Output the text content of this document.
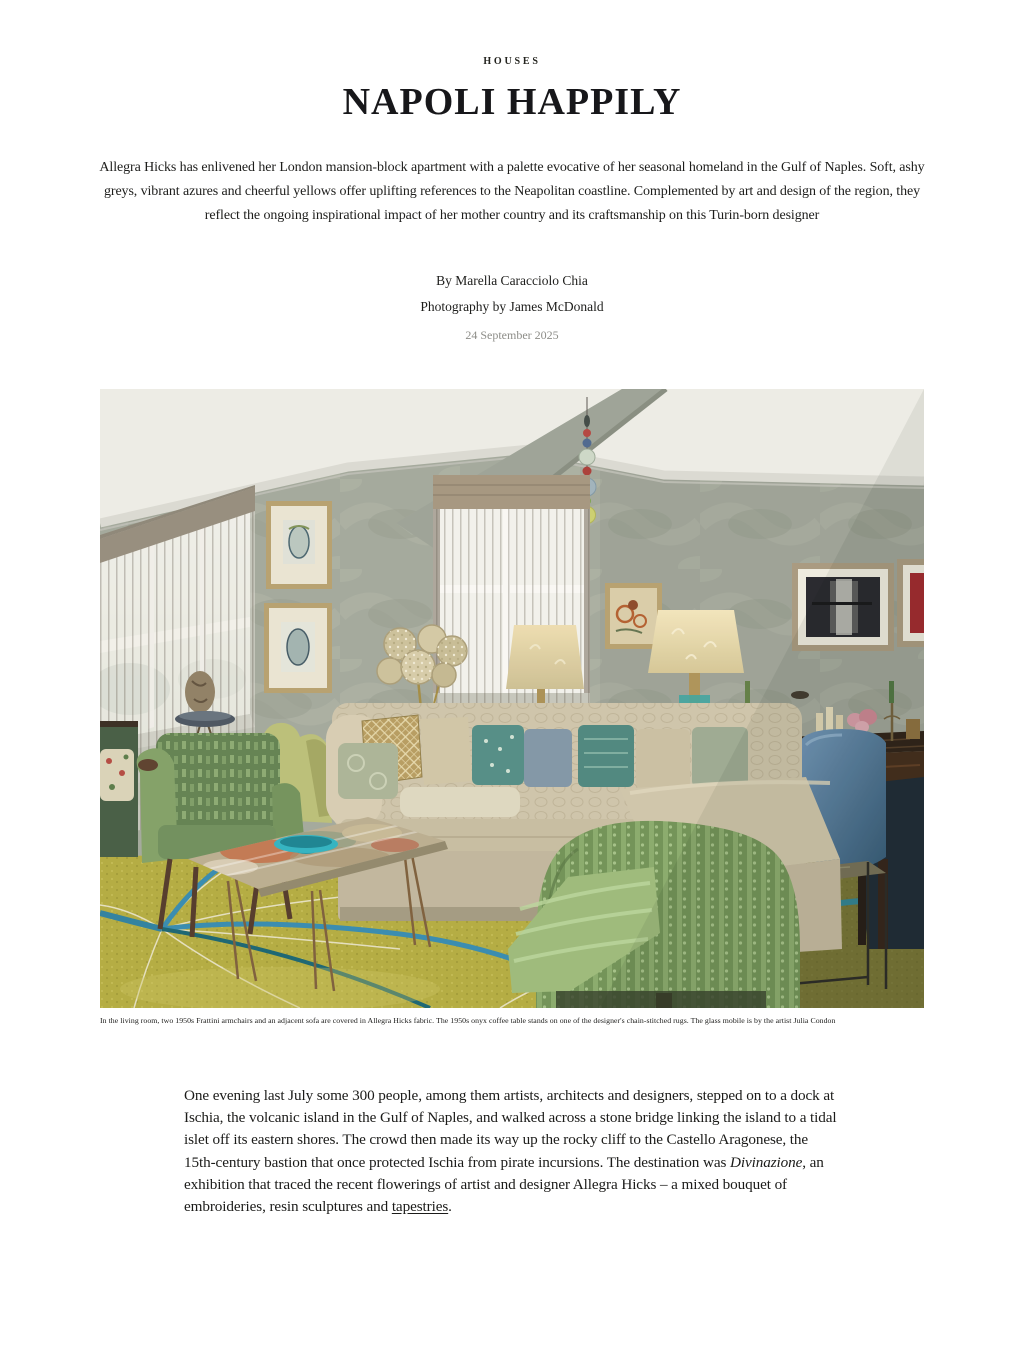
HOUSES
NAPOLI HAPPILY

Allegra Hicks has enlivened her London mansion-block apartment with a palette evocative of her seasonal homeland in the Gulf of Naples. Soft, ashy greys, vibrant azures and cheerful yellows offer uplifting references to the Neapolitan coastline. Complemented by art and design of the region, they reflect the ongoing inspirational impact of her mother country and its craftsmanship on this Turin-born designer

By Marella Caracciolo Chia
Photography by James McDonald
24 September 2025
In the living room, two 1950s Frattini armchairs and an adjacent sofa are covered in Allegra Hicks fabric. The 1950s onyx coffee table stands on one of the designer's chain-stitched rugs. The glass mobile is by the artist Julia Condon

One evening last July some 300 people, among them artists, architects and designers, stepped on to a dock at Ischia, the volcanic island in the Gulf of Naples, and walked across a stone bridge linking the island to a tidal islet off its eastern shores. The crowd then made its way up the rocky cliff to the Castello Aragonese, the 15th-century bastion that once protected Ischia from pirate incursions. The destination was Divinazione, an exhibition that traced the recent flowerings of artist and designer Allegra Hicks – a mixed bouquet of embroideries, resin sculptures and tapestries.
